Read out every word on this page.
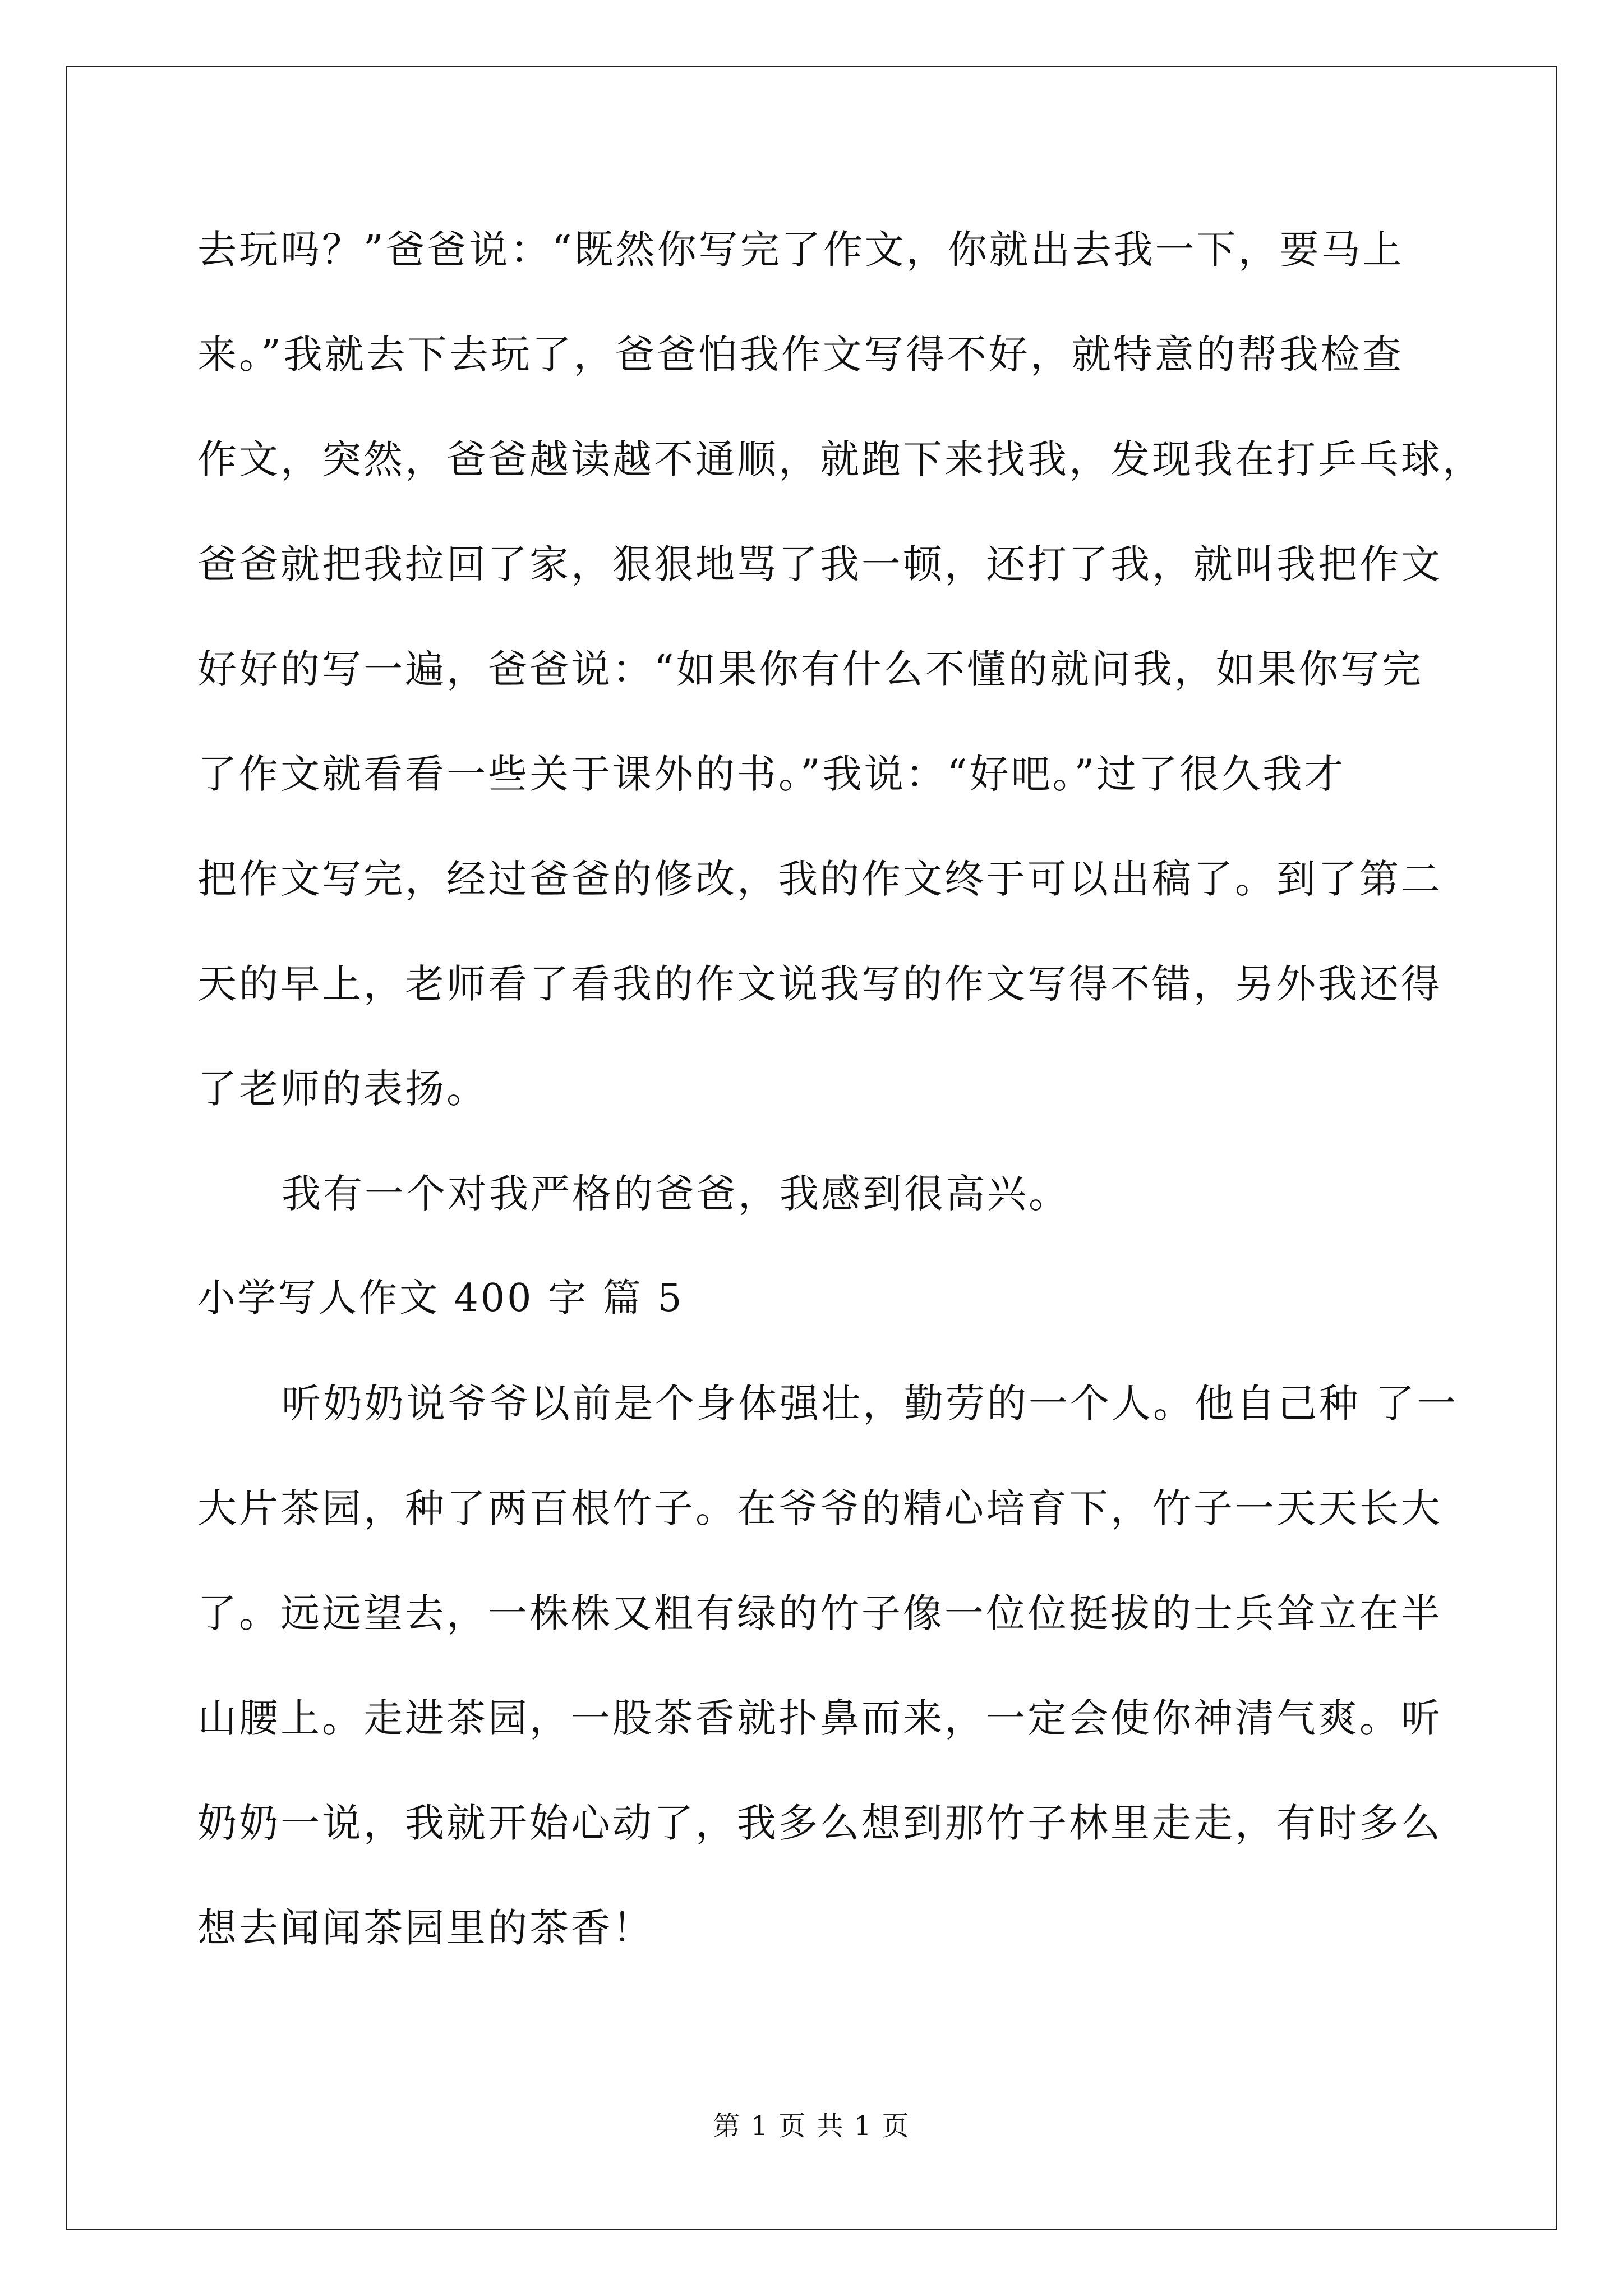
去玩吗？”爸爸说：“既然你写完了作文，你就出去我一下，要马上
来。”我就去下去玩了，爸爸怕我作文写得不好，就特意的帮我检查
作文，突然，爸爸越读越不通顺，就跑下来找我，发现我在打乒乓球，
爸爸就把我拉回了家，狠狠地骂了我一顿，还打了我，就叫我把作文
好好的写一遍，爸爸说：“如果你有什么不懂的就问我，如果你写完
了作文就看看一些关于课外的书。”我说：“好吧。”过了很久我才
把作文写完，经过爸爸的修改，我的作文终于可以出稿了。到了第二
天的早上，老师看了看我的作文说我写的作文写得不错，另外我还得
了老师的表扬。
我有一个对我严格的爸爸，我感到很高兴。
小学写人作文 400 字 篇 5
听奶奶说爷爷以前是个身体强壮，勤劳的一个人。他自己种 了一
大片茶园，种了两百根竹子。在爷爷的精心培育下，竹子一天天长大
了。远远望去，一株株又粗有绿的竹子像一位位挺拔的士兵耸立在半
山腰上。走进茶园，一股茶香就扑鼻而来，一定会使你神清气爽。听
奶奶一说，我就开始心动了，我多么想到那竹子林里走走，有时多么
想去闻闻茶园里的茶香！
第 1 页 共 1 页
